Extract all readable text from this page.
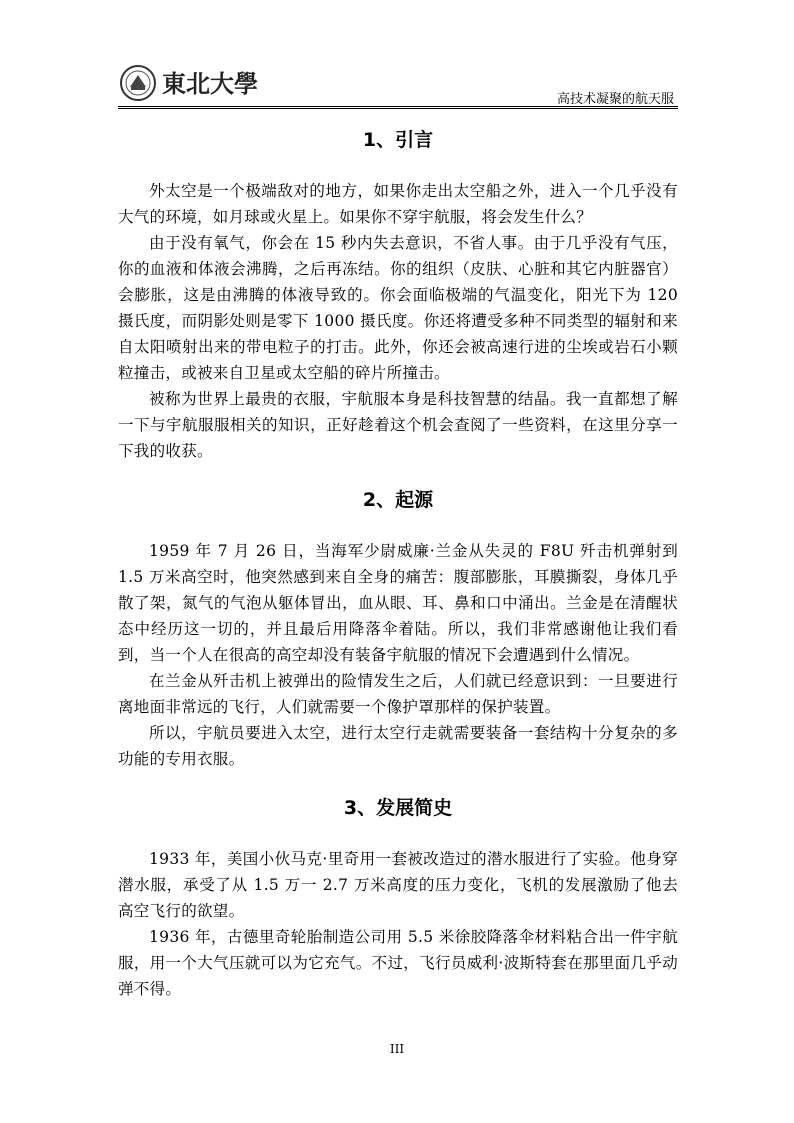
東北大學
高技术凝聚的航天服
1、引言

外太空是一个极端敌对的地方，如果你走出太空船之外，进入一个几乎没有大气的环境，如月球或火星上。如果你不穿宇航服，将会发生什么？

由于没有氧气，你会在 15 秒内失去意识，不省人事。由于几乎没有气压，你的血液和体液会沸腾，之后再冻结。你的组织（皮肤、心脏和其它内脏器官）会膨胀，这是由沸腾的体液导致的。你会面临极端的气温变化，阳光下为 120 摄氏度，而阴影处则是零下 1000 摄氏度。你还将遭受多种不同类型的辐射和来自太阳喷射出来的带电粒子的打击。此外，你还会被高速行进的尘埃或岩石小颗粒撞击，或被来自卫星或太空船的碎片所撞击。

被称为世界上最贵的衣服，宇航服本身是科技智慧的结晶。我一直都想了解一下与宇航服服相关的知识，正好趁着这个机会查阅了一些资料，在这里分享一下我的收获。

2、起源

1959 年 7 月 26 日，当海军少尉威廉·兰金从失灵的 F8U 歼击机弹射到 1.5 万米高空时，他突然感到来自全身的痛苦：腹部膨胀，耳膜撕裂，身体几乎散了架，氮气的气泡从躯体冒出，血从眼、耳、鼻和口中涌出。兰金是在清醒状态中经历这一切的，并且最后用降落伞着陆。所以，我们非常感谢他让我们看到，当一个人在很高的高空却没有装备宇航服的情况下会遭遇到什么情况。

在兰金从歼击机上被弹出的险情发生之后，人们就已经意识到：一旦要进行离地面非常远的飞行，人们就需要一个像护罩那样的保护装置。

所以，宇航员要进入太空，进行太空行走就需要装备一套结构十分复杂的多功能的专用衣服。

3、发展简史

1933 年，美国小伙马克·里奇用一套被改造过的潜水服进行了实验。他身穿潜水服，承受了从 1.5 万一 2.7 万米高度的压力变化，飞机的发展激励了他去高空飞行的欲望。

1936 年，古德里奇轮胎制造公司用 5.5 米徐胶降落伞材料粘合出一件宇航服，用一个大气压就可以为它充气。不过，飞行员威利·波斯特套在那里面几乎动弹不得。

III
